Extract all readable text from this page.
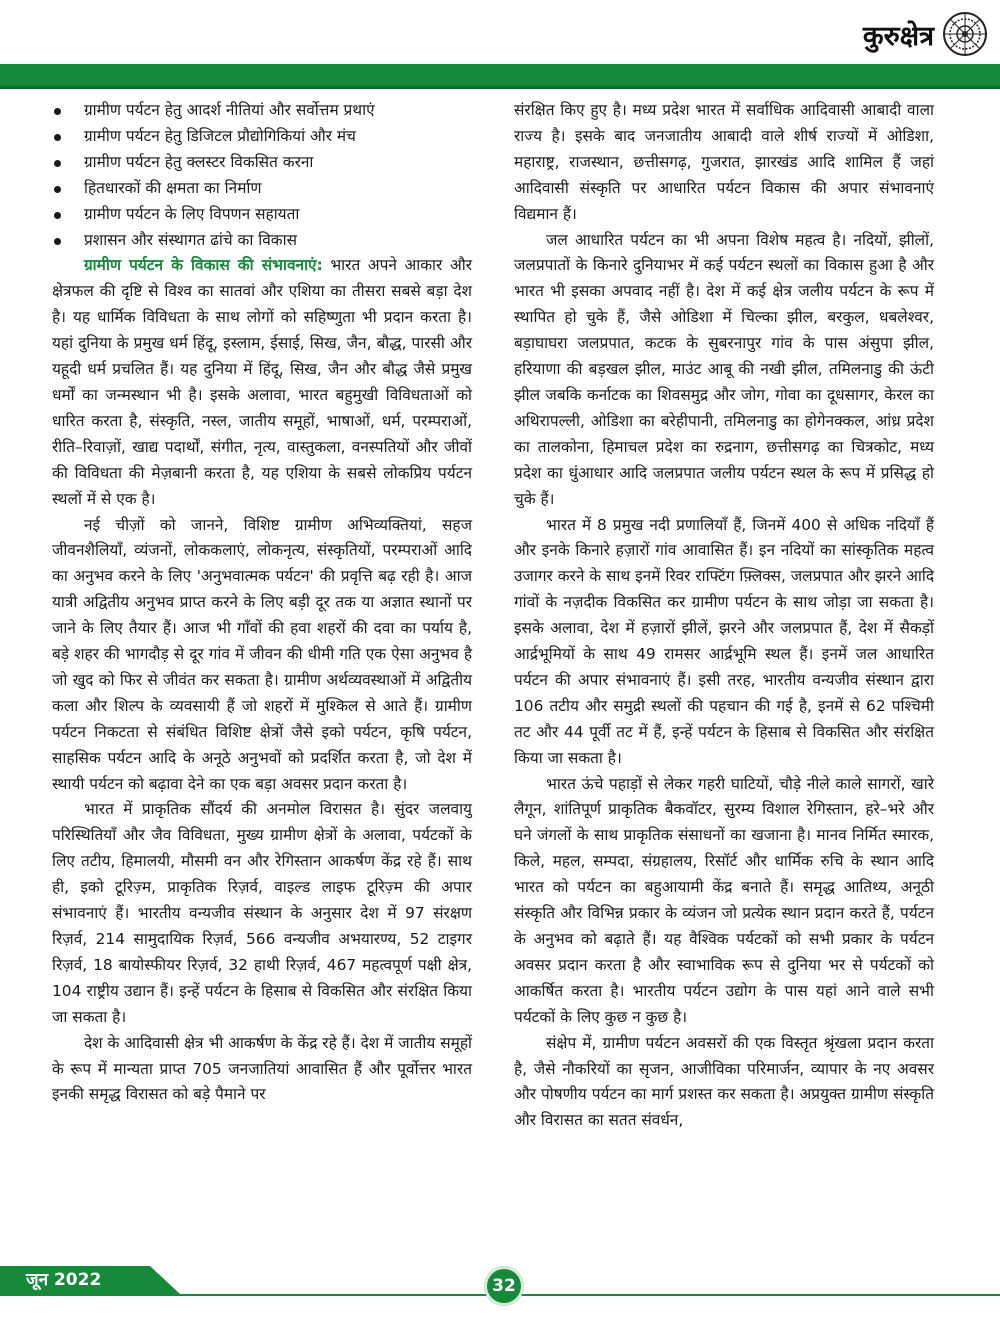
कुरुक्षेत्र
ग्रामीण पर्यटन हेतु आदर्श नीतियां और सर्वोत्तम प्रथाएं
ग्रामीण पर्यटन हेतु डिजिटल प्रौद्योगिकियां और मंच
ग्रामीण पर्यटन हेतु क्लस्टर विकसित करना
हितधारकों की क्षमता का निर्माण
ग्रामीण पर्यटन के लिए विपणन सहायता
प्रशासन और संस्थागत ढांचे का विकास

ग्रामीण पर्यटन के विकास की संभावनाएं: भारत अपने आकार और क्षेत्रफल की दृष्टि से विश्व का सातवां और एशिया का तीसरा सबसे बड़ा देश है। यह धार्मिक विविधता के साथ लोगों को सहिष्णुता भी प्रदान करता है। यहां दुनिया के प्रमुख धर्म हिंदू, इस्लाम, ईसाई, सिख, जैन, बौद्ध, पारसी और यहूदी धर्म प्रचलित हैं। यह दुनिया में हिंदू, सिख, जैन और बौद्ध जैसे प्रमुख धर्मों का जन्मस्थान भी है। इसके अलावा, भारत बहुमुखी विविधताओं को धारित करता है, संस्कृति, नस्ल, जातीय समूहों, भाषाओं, धर्म, परम्पराओं, रीति–रिवाज़ों, खाद्य पदार्थों, संगीत, नृत्य, वास्तुकला, वनस्पतियों और जीवों की विविधता की मेज़बानी करता है, यह एशिया के सबसे लोकप्रिय पर्यटन स्थलों में से एक है।

नई चीज़ों को जानने, विशिष्ट ग्रामीण अभिव्यक्तियां, सहज जीवनशैलियाँ, व्यंजनों, लोककलाएं, लोकनृत्य, संस्कृतियों, परम्पराओं आदि का अनुभव करने के लिए 'अनुभवात्मक पर्यटन' की प्रवृत्ति बढ़ रही है। आज यात्री अद्वितीय अनुभव प्राप्त करने के लिए बड़ी दूर तक या अज्ञात स्थानों पर जाने के लिए तैयार हैं। आज भी गाँवों की हवा शहरों की दवा का पर्याय है, बड़े शहर की भागदौड़ से दूर गांव में जीवन की धीमी गति एक ऐसा अनुभव है जो खुद को फिर से जीवंत कर सकता है। ग्रामीण अर्थव्यवस्थाओं में अद्वितीय कला और शिल्प के व्यवसायी हैं जो शहरों में मुश्किल से आते हैं। ग्रामीण पर्यटन निकटता से संबंधित विशिष्ट क्षेत्रों जैसे इको पर्यटन, कृषि पर्यटन, साहसिक पर्यटन आदि के अनूठे अनुभवों को प्रदर्शित करता है, जो देश में स्थायी पर्यटन को बढ़ावा देने का एक बड़ा अवसर प्रदान करता है।

भारत में प्राकृतिक सौंदर्य की अनमोल विरासत है। सुंदर जलवायु परिस्थितियाँ और जैव विविधता, मुख्य ग्रामीण क्षेत्रों के अलावा, पर्यटकों के लिए तटीय, हिमालयी, मौसमी वन और रेगिस्तान आकर्षण केंद्र रहे हैं। साथ ही, इको टूरिज़्म, प्राकृतिक रिज़र्व, वाइल्ड लाइफ टूरिज़्म की अपार संभावनाएं हैं। भारतीय वन्यजीव संस्थान के अनुसार देश में 97 संरक्षण रिज़र्व, 214 सामुदायिक रिज़र्व, 566 वन्यजीव अभयारण्य, 52 टाइगर रिज़र्व, 18 बायोस्फीयर रिज़र्व, 32 हाथी रिज़र्व, 467 महत्वपूर्ण पक्षी क्षेत्र, 104 राष्ट्रीय उद्यान हैं। इन्हें पर्यटन के हिसाब से विकसित और संरक्षित किया जा सकता है।

देश के आदिवासी क्षेत्र भी आकर्षण के केंद्र रहे हैं। देश में जातीय समूहों के रूप में मान्यता प्राप्त 705 जनजातियां आवासित हैं और पूर्वोत्तर भारत इनकी समृद्ध विरासत को बड़े पैमाने पर

संरक्षित किए हुए है। मध्य प्रदेश भारत में सर्वाधिक आदिवासी आबादी वाला राज्य है। इसके बाद जनजातीय आबादी वाले शीर्ष राज्यों में ओडिशा, महाराष्ट्र, राजस्थान, छत्तीसगढ़, गुजरात, झारखंड आदि शामिल हैं जहां आदिवासी संस्कृति पर आधारित पर्यटन विकास की अपार संभावनाएं विद्यमान हैं।

जल आधारित पर्यटन का भी अपना विशेष महत्व है। नदियों, झीलों, जलप्रपातों के किनारे दुनियाभर में कई पर्यटन स्थलों का विकास हुआ है और भारत भी इसका अपवाद नहीं है। देश में कई क्षेत्र जलीय पर्यटन के रूप में स्थापित हो चुके हैं, जैसे ओडिशा में चिल्का झील, बरकुल, धबलेश्वर, बड़ाघाघरा जलप्रपात, कटक के सुबरनापुर गांव के पास अंसुपा झील, हरियाणा की बड़खल झील, माउंट आबू की नखी झील, तमिलनाडु की ऊंटी झील जबकि कर्नाटक का शिवसमुद्र और जोग, गोवा का दूधसागर, केरल का अथिरापल्ली, ओडिशा का बरेहीपानी, तमिलनाडु का होगेनक्कल, आंध्र प्रदेश का तालकोना, हिमाचल प्रदेश का रुद्रनाग, छत्तीसगढ़ का चित्रकोट, मध्य प्रदेश का धुंआधार आदि जलप्रपात जलीय पर्यटन स्थल के रूप में प्रसिद्ध हो चुके हैं।

भारत में 8 प्रमुख नदी प्रणालियाँ हैं, जिनमें 400 से अधिक नदियाँ हैं और इनके किनारे हज़ारों गांव आवासित हैं। इन नदियों का सांस्कृतिक महत्व उजागर करने के साथ इनमें रिवर राफ्टिंग फ़्लिक्स, जलप्रपात और झरने आदि गांवों के नज़दीक विकसित कर ग्रामीण पर्यटन के साथ जोड़ा जा सकता है। इसके अलावा, देश में हज़ारों झीलें, झरने और जलप्रपात हैं, देश में सैकड़ों आर्द्रभूमियों के साथ 49 रामसर आर्द्रभूमि स्थल हैं। इनमें जल आधारित पर्यटन की अपार संभावनाएं हैं। इसी तरह, भारतीय वन्यजीव संस्थान द्वारा 106 तटीय और समुद्री स्थलों की पहचान की गई है, इनमें से 62 पश्चिमी तट और 44 पूर्वी तट में हैं, इन्हें पर्यटन के हिसाब से विकसित और संरक्षित किया जा सकता है।

भारत ऊंचे पहाड़ों से लेकर गहरी घाटियों, चौड़े नीले काले सागरों, खारे लैगून, शांतिपूर्ण प्राकृतिक बैकवॉटर, सुरम्य विशाल रेगिस्तान, हरे–भरे और घने जंगलों के साथ प्राकृतिक संसाधनों का खजाना है। मानव निर्मित स्मारक, किले, महल, सम्पदा, संग्रहालय, रिसॉर्ट और धार्मिक रुचि के स्थान आदि भारत को पर्यटन का बहुआयामी केंद्र बनाते हैं। समृद्ध आतिथ्य, अनूठी संस्कृति और विभिन्न प्रकार के व्यंजन जो प्रत्येक स्थान प्रदान करते हैं, पर्यटन के अनुभव को बढ़ाते हैं। यह वैश्विक पर्यटकों को सभी प्रकार के पर्यटन अवसर प्रदान करता है और स्वाभाविक रूप से दुनिया भर से पर्यटकों को आकर्षित करता है। भारतीय पर्यटन उद्योग के पास यहां आने वाले सभी पर्यटकों के लिए कुछ न कुछ है।

संक्षेप में, ग्रामीण पर्यटन अवसरों की एक विस्तृत श्रृंखला प्रदान करता है, जैसे नौकरियों का सृजन, आजीविका परिमार्जन, व्यापार के नए अवसर और पोषणीय पर्यटन का मार्ग प्रशस्त कर सकता है। अप्रयुक्त ग्रामीण संस्कृति और विरासत का सतत संवर्धन,

जून 2022	32
